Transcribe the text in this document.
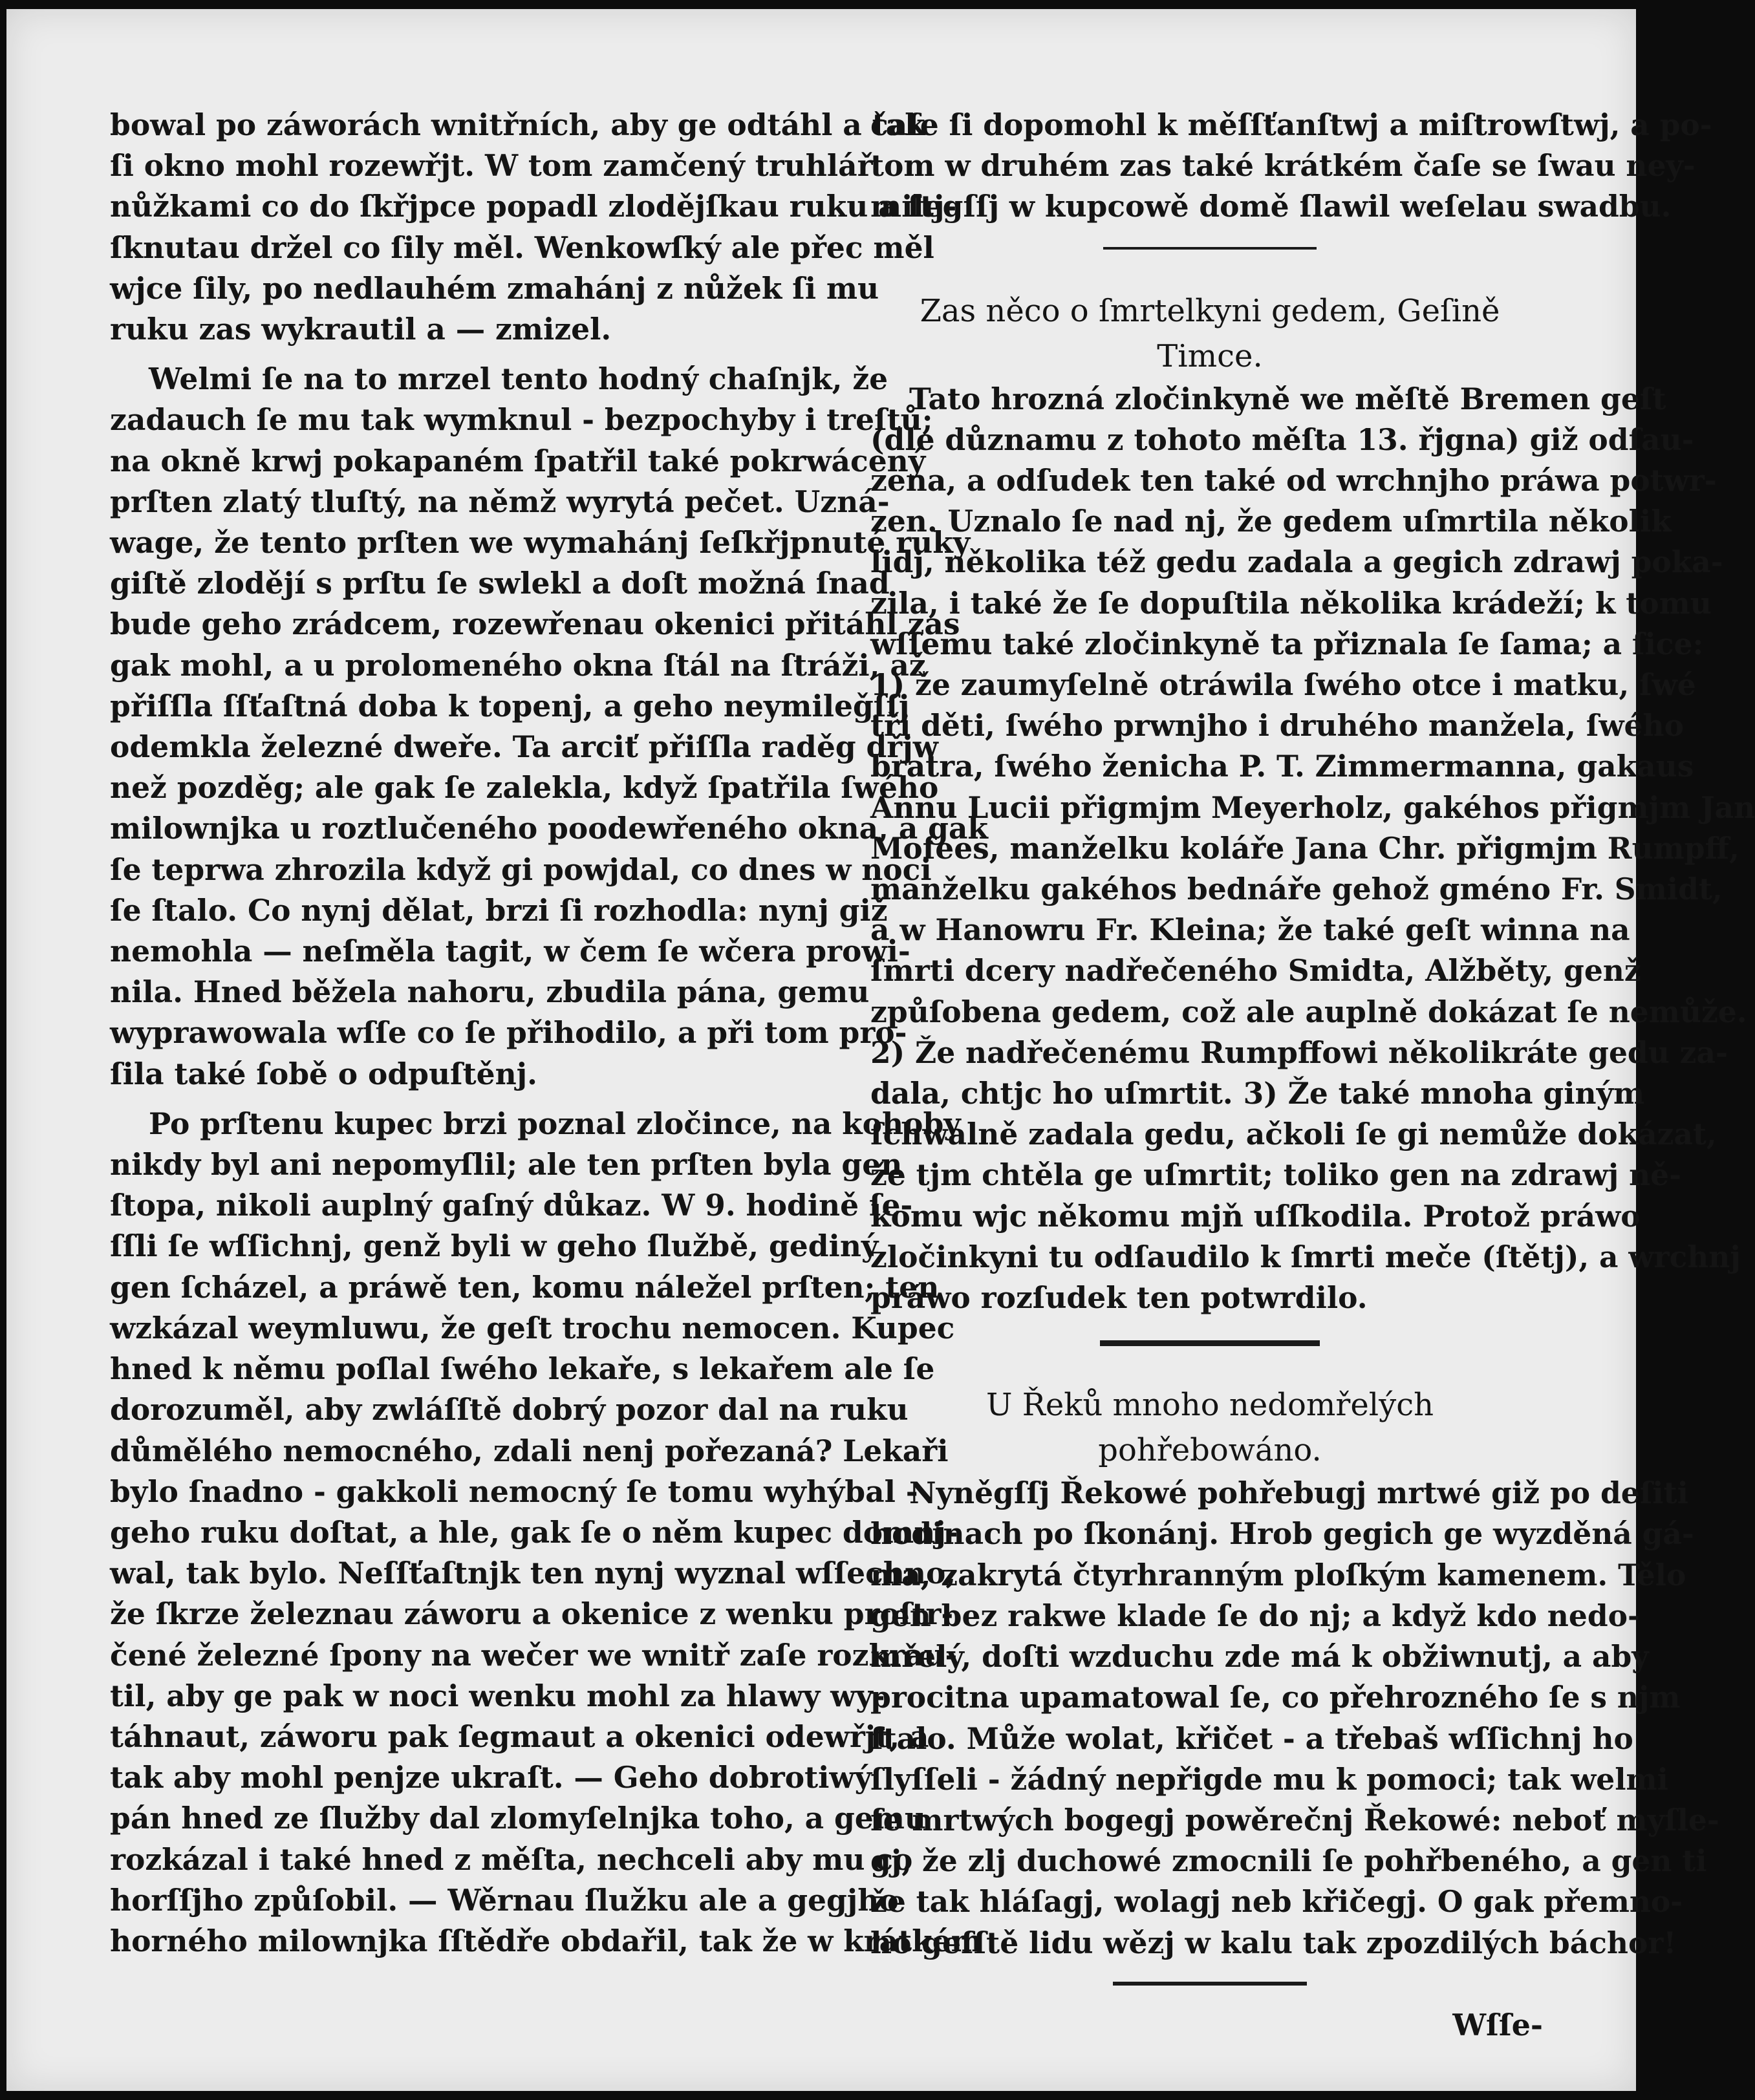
bowal po záworách wnitřních, aby ge odtáhl a tak
ſi okno mohl rozewřjt. W tom zamčený truhlář
nůžkami co do ſkřjpce popadl zlodějſkau ruku a ſtj-
ſknutau držel co ſily měl. Wenkowſký ale přec měl
wjce ſily, po nedlauhém zmahánj z nůžek ſi mu
ruku zas wykrautil a — zmizel.

Welmi ſe na to mrzel tento hodný chaſnjk, že
zadauch ſe mu tak wymknul - bezpochyby i treſtů;
na okně krwj pokapaném ſpatřil také pokrwácený
prſten zlatý tluſtý, na němž wyrytá pečet. Uzná-
wage, že tento prſten we wymahánj ſeſkřjpnuté ruky
giſtě zlodějí s prſtu ſe swlekl a doſt možná ſnad
bude geho zrádcem, rozewřenau okenici přitáhl zas
gak mohl, a u prolomeného okna ſtál na ſtráži, až
přiſſla ſſťaſtná doba k topenj, a geho neymileǧſſj
odemkla železné dweře. Ta arciť přiſſla raděg dřjw
než pozděg; ale gak ſe zalekla, když ſpatřila ſwého
milownjka u roztlučeného poodewřeného okna, a gak
ſe teprwa zhrozila když gi powjdal, co dnes w noci
ſe ſtalo. Co nynj dělat, brzi ſi rozhodla: nynj giž
nemohla — neſměla tagit, w čem ſe wčera prowi-
nila. Hned běžela nahoru, zbudila pána, gemu
wyprawowala wſſe co ſe přihodilo, a při tom pro-
ſila také ſobě o odpuſtěnj.

Po prſtenu kupec brzi poznal zločince, na kohoby
nikdy byl ani nepomyſlil; ale ten prſten byla gen
ſtopa, nikoli auplný gaſný důkaz. W 9. hodině ſe-
ſſli ſe wſſichnj, genž byli w geho ſlužbě, gediný
gen ſcházel, a práwě ten, komu náležel prſten; ten
wzkázal weymluwu, že geſt trochu nemocen. Kupec
hned k němu poſlal ſwého lekaře, s lekařem ale ſe
dorozuměl, aby zwláſſtě dobrý pozor dal na ruku
důmělého nemocného, zdali nenj pořezaná? Lekaři
bylo ſnadno - gakkoli nemocný ſe tomu wyhýbal -
geho ruku doſtat, a hle, gak ſe o něm kupec domnj-
wal, tak bylo. Neſſťaſtnjk ten nynj wyznal wſſechno,
že ſkrze železnau záworu a okenice z wenku proſtr-
čené železné ſpony na wečer we wnitř zaſe rozkrau-
til, aby ge pak w noci wenku mohl za hlawy wy-
táhnaut, záworu pak ſegmaut a okenici odewřjt, a
tak aby mohl penjze ukraſt. — Geho dobrotiwý
pán hned ze ſlužby dal zlomyſelnjka toho, a gemu
rozkázal i také hned z měſta, nechceli aby mu co
horſſjho způſobil. — Wěrnau ſlužku ale a gegjho
horného milownjka ſſtědře obdařil, tak že w krátkém

čaſe ſi dopomohl k měſſťanſtwj a miſtrowſtwj, a po-
tom w druhém zas také krátkém čaſe se ſwau ney-
milegſſj w kupcowě domě ſlawil weſelau swadbu.

Zas něco o ſmrtelkyni gedem, Geſině Timce.

Tato hrozná zločinkyně we měſtě Bremen geſt
(dle důznamu z tohoto měſta 13. řjgna) giž odſau-
zena, a odſudek ten také od wrchnjho práwa potwr-
zen. Uznalo ſe nad nj, že gedem uſmrtila několik
lidj, několika též gedu zadala a gegich zdrawj poka-
zila, i také že ſe dopuſtila několika krádeží; k tomu
wſſemu také zločinkyně ta přiznala ſe ſama; a ſice:
1) že zaumyſelně otráwila ſwého otce i matku, ſwé
tři děti, ſwého prwnjho i druhého manžela, ſwého
bratra, ſwého ženicha P. T. Zimmermanna, gakaus
Annu Lucii přigmjm Meyerholz, gakéhos přigmjm Jan
Moſees, manželku koláře Jana Chr. přigmjm Rumpff,
manželku gakéhos bednáře gehož gméno Fr. Smidt,
a w Hanowru Fr. Kleina; že také geſt winna na
ſmrti dcery nadřečeného Smidta, Alžběty, genž
způſobena gedem, což ale auplně dokázat ſe nemůže.
2) Že nadřečenému Rumpffowi několikráte gedu za-
dala, chtjc ho uſmrtit. 3) Že také mnoha giným
ſchwalně zadala gedu, ačkoli ſe gi nemůže dokázat,
že tjm chtěla ge uſmrtit; toliko gen na zdrawj ně-
komu wjc někomu mjň uſſkodila. Protož práwo
zločinkyni tu odſaudilo k ſmrti meče (ſtětj), a wrchnj
práwo rozſudek ten potwrdilo.

U Řeků mnoho nedomřelých pohřebowáno.

Nyněgſſj Řekowé pohřebugj mrtwé giž po deſiti
hodinach po ſkonánj. Hrob gegich ge wyzděná gá-
ma, zakrytá čtyrhranným ploſkým kamenem. Tělo
gen bez rakwe klade ſe do nj; a když kdo nedo-
mřelý, doſti wzduchu zde má k obžiwnutj, a aby
procitna upamatowal ſe, co přehrozného ſe s njm
ſtalo. Může wolat, křičet - a třebaš wſſichnj ho
ſlyſſeli - žádný nepřigde mu k pomoci; tak welmi
ſe mrtwých bogegj powěrečnj Řekowé: neboť myſle-
gj, že zlj duchowé zmocnili ſe pohřbeného, a gen ti
že tak hláſagj, wolagj neb křičegj. O gak přemno-
ho geſſtě lidu wězj w kalu tak zpozdilých báchor!

Wſſe-
